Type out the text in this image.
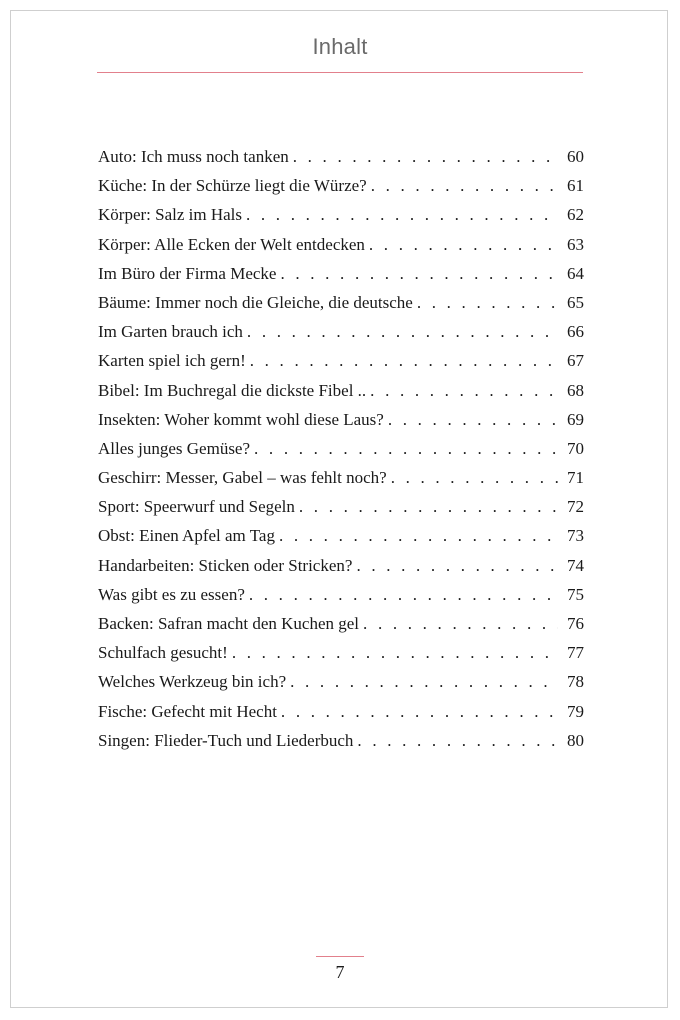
Inhalt
Auto: Ich muss noch tanken . . .	60
Küche: In der Schürze liegt die Würze? . . .	61
Körper: Salz im Hals . . .	62
Körper: Alle Ecken der Welt entdecken . . .	63
Im Büro der Firma Mecke . . .	64
Bäume: Immer noch die Gleiche, die deutsche . . .	65
Im Garten brauch ich . . .	66
Karten spiel ich gern! . . .	67
Bibel: Im Buchregal die dickste Fibel .. . . .	68
Insekten: Woher kommt wohl diese Laus? . . .	69
Alles junges Gemüse? . . .	70
Geschirr: Messer, Gabel – was fehlt noch? . . .	71
Sport: Speerwurf und Segeln . . .	72
Obst: Einen Apfel am Tag . . .	73
Handarbeiten: Sticken oder Stricken? . . .	74
Was gibt es zu essen? . . .	75
Backen: Safran macht den Kuchen gel . . .	76
Schulfach gesucht! . . .	77
Welches Werkzeug bin ich? . . .	78
Fische: Gefecht mit Hecht . . .	79
Singen: Flieder-Tuch und Liederbuch . . .	80
7
